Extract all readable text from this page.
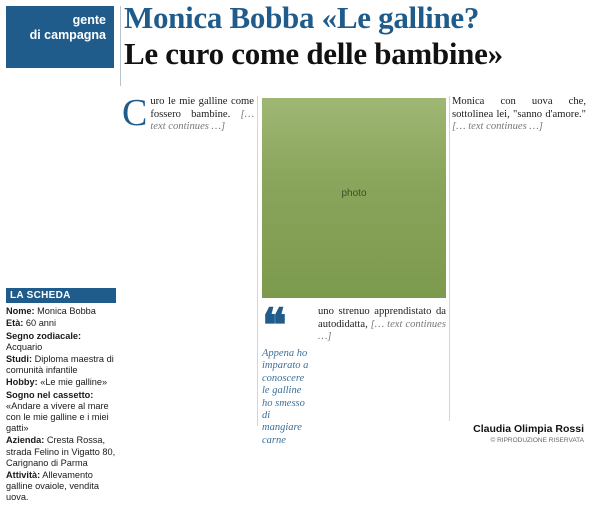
gente
di campagna Monica Bobba «Le galline?
Le curo come delle bambine»
C uro le mie galline come fossero bambine. [… text continues …]
photo
❝
Appena ho imparato a conoscere le galline ho smesso di mangiare carne
uno strenuo apprendistato da autodidatta, [… text continues …]
Monica con uova che, sottolinea lei, "sanno d'amore." [… text continues …]
LA SCHEDA
Nome: Monica Bobba
Età: 60 anni
Segno zodiacale: Acquario
Studi: Diploma maestra di comunità infantile
Hobby: «Le mie galline»
Sogno nel cassetto: «Andare a vivere al mare con le mie galline e i miei gatti»
Azienda: Cresta Rossa, strada Felino in Vigatto 80, Carignano di Parma
Attività: Allevamento galline ovaiole, vendita uova.
Claudia Olimpia Rossi
© RIPRODUZIONE RISERVATA
